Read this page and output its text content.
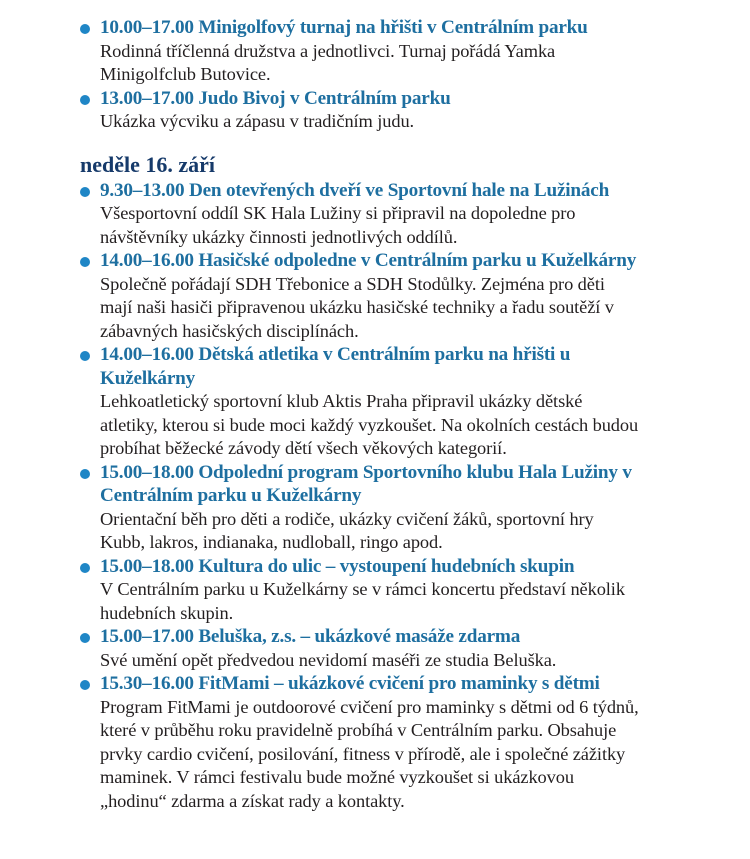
10.00–17.00 Minigolfový turnaj na hřišti v Centrálním parku
Rodinná tříčlenná družstva a jednotlivci. Turnaj pořádá Yamka Minigolfclub Butovice.
13.00–17.00 Judo Bivoj v Centrálním parku
Ukázka výcviku a zápasu v tradičním judu.
neděle 16. září
9.30–13.00 Den otevřených dveří ve Sportovní hale na Lužinách
Všesportovní oddíl SK Hala Lužiny si připravil na dopoledne pro návštěvníky ukázky činnosti jednotlivých oddílů.
14.00–16.00 Hasičské odpoledne v Centrálním parku u Kuželkárny
Společně pořádají SDH Třebonice a SDH Stodůlky. Zejména pro děti mají naši hasiči připravenou ukázku hasičské techniky a řadu soutěží v zábavných hasičských disciplínách.
14.00–16.00 Dětská atletika v Centrálním parku na hřišti u Kuželkárny
Lehkoatletický sportovní klub Aktis Praha připravil ukázky dětské atletiky, kterou si bude moci každý vyzkoušet. Na okolních cestách budou probíhat běžecké závody dětí všech věkových kategorií.
15.00–18.00 Odpolední program Sportovního klubu Hala Lužiny v Centrálním parku u Kuželkárny
Orientační běh pro děti a rodiče, ukázky cvičení žáků, sportovní hry Kubb, lakros, indianaka, nudloball, ringo apod.
15.00–18.00 Kultura do ulic – vystoupení hudebních skupin
V Centrálním parku u Kuželkárny se v rámci koncertu představí několik hudebních skupin.
15.00–17.00 Beluška, z.s. – ukázkové masáže zdarma
Své umění opět předvedou nevidomí maséři ze studia Beluška.
15.30–16.00 FitMami – ukázkové cvičení pro maminky s dětmi
Program FitMami je outdoorové cvičení pro maminky s dětmi od 6 týdnů, které v průběhu roku pravidelně probíhá v Centrálním parku. Obsahuje prvky cardio cvičení, posilování, fitness v přírodě, ale i společné zážitky maminek. V rámci festivalu bude možné vyzkoušet si ukázkovou „hodinu“ zdarma a získat rady a kontakty.
